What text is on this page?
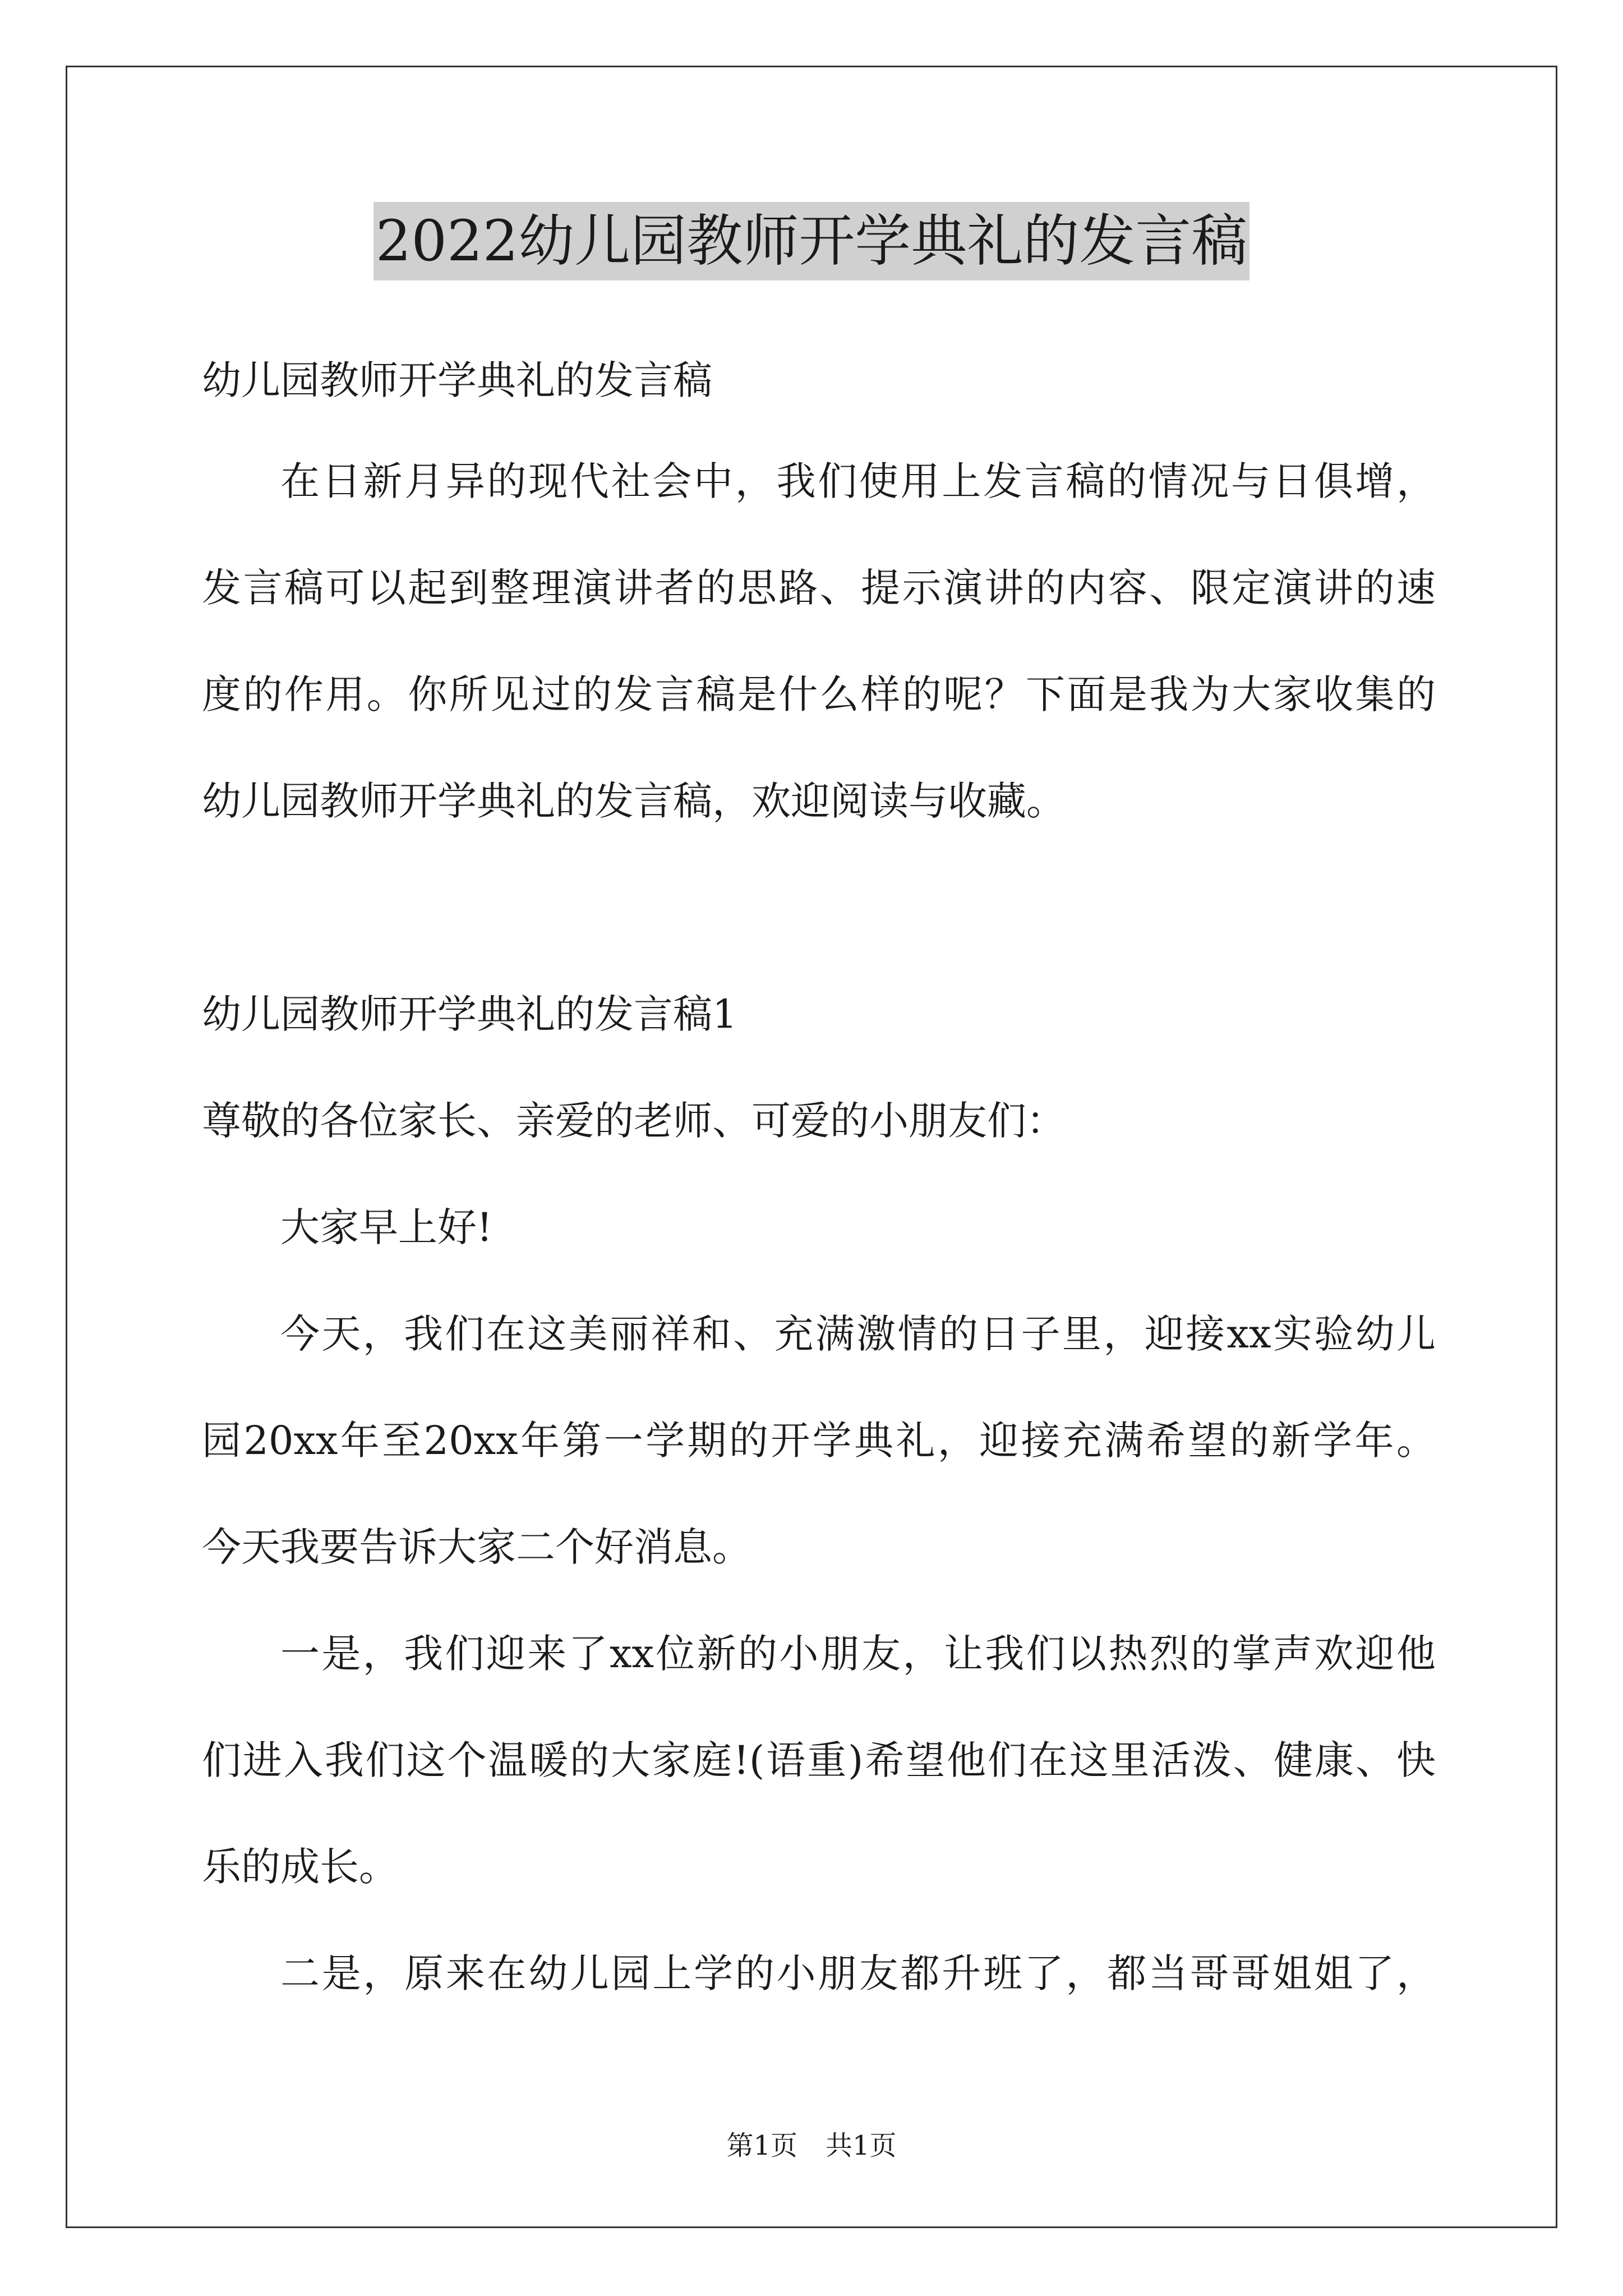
2022幼儿园教师开学典礼的发言稿
幼儿园教师开学典礼的发言稿
在日新月异的现代社会中，我们使用上发言稿的情况与日俱增，
发言稿可以起到整理演讲者的思路、提示演讲的内容、限定演讲的速
度的作用。你所见过的发言稿是什么样的呢？下面是我为大家收集的
幼儿园教师开学典礼的发言稿，欢迎阅读与收藏。
幼儿园教师开学典礼的发言稿1
尊敬的各位家长、亲爱的老师、可爱的小朋友们：
大家早上好!
今天，我们在这美丽祥和、充满激情的日子里，迎接xx实验幼儿
园20xx年至20xx年第一学期的开学典礼，迎接充满希望的新学年。
今天我要告诉大家二个好消息。
一是，我们迎来了xx位新的小朋友，让我们以热烈的掌声欢迎他
们进入我们这个温暖的大家庭!(语重)希望他们在这里活泼、健康、快
乐的成长。
二是，原来在幼儿园上学的小朋友都升班了，都当哥哥姐姐了，
第1页 共1页
